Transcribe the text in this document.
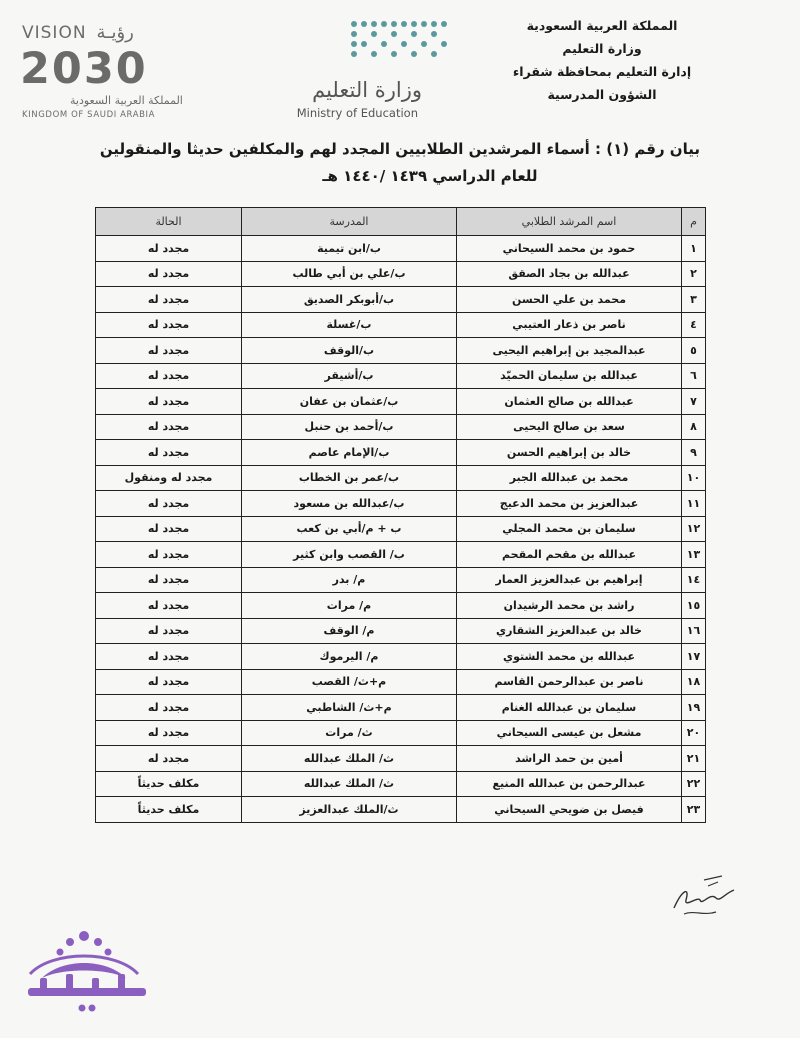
VISION رؤيـة
2030
المملكة العربية السعودية
KINGDOM OF SAUDI ARABIA
وزارة التعليم
Ministry of Education
المملكة العربية السعودية
وزارة التعليم
إدارة التعليم بمحافظة شقراء
الشؤون المدرسية
بيان رقم (١) : أسماء المرشدين الطلابيين المجدد لهم والمكلفين حديثا والمنقولين
للعام الدراسي ١٤٣٩ /١٤٤٠ هـ
م	اسم المرشد الطلابي	المدرسة	الحالة
١	حمود بن محمد السيحاني	ب/ابن تيمية	مجدد له
٢	عبدالله بن بجاد الصقق	ب/علي بن أبي طالب	مجدد له
٣	محمد بن علي الحسن	ب/أبوبكر الصديق	مجدد له
٤	ناصر بن ذعار العتيبي	ب/غسلة	مجدد له
٥	عبدالمجيد بن إبراهيم اليحيى	ب/الوقف	مجدد له
٦	عبدالله بن سليمان الحميّد	ب/أشيقر	مجدد له
٧	عبدالله بن صالح العثمان	ب/عثمان بن عفان	مجدد له
٨	سعد بن صالح اليحيى	ب/أحمد بن حنبل	مجدد له
٩	خالد بن إبراهيم الحسن	ب/الإمام عاصم	مجدد له
١٠	محمد بن عبدالله الجبر	ب/عمر بن الخطاب	مجدد له ومنقول
١١	عبدالعزيز بن محمد الدعيج	ب/عبدالله بن مسعود	مجدد له
١٢	سليمان بن محمد المجلي	ب + م/أبي بن كعب	مجدد له
١٣	عبدالله بن مقحم المقحم	ب/ القصب وابن كثير	مجدد له
١٤	إبراهيم بن عبدالعزيز العمار	م/ بدر	مجدد له
١٥	راشد بن محمد الرشيدان	م/ مرات	مجدد له
١٦	خالد بن عبدالعزيز الشقاري	م/ الوقف	مجدد له
١٧	عبدالله بن محمد الشتوي	م/ اليرموك	مجدد له
١٨	ناصر بن عبدالرحمن القاسم	م+ث/ القصب	مجدد له
١٩	سليمان بن عبدالله الغنام	م+ث/ الشاطبي	مجدد له
٢٠	مشعل بن عيسى السيحاني	ث/ مرات	مجدد له
٢١	أمين بن حمد الراشد	ث/ الملك عبدالله	مجدد له
٢٢	عبدالرحمن بن عبدالله المنيع	ث/ الملك عبدالله	مكلف حديثاً
٢٣	فيصل بن ضويحي السيحاني	ث/الملك عبدالعزيز	مكلف حديثاً
